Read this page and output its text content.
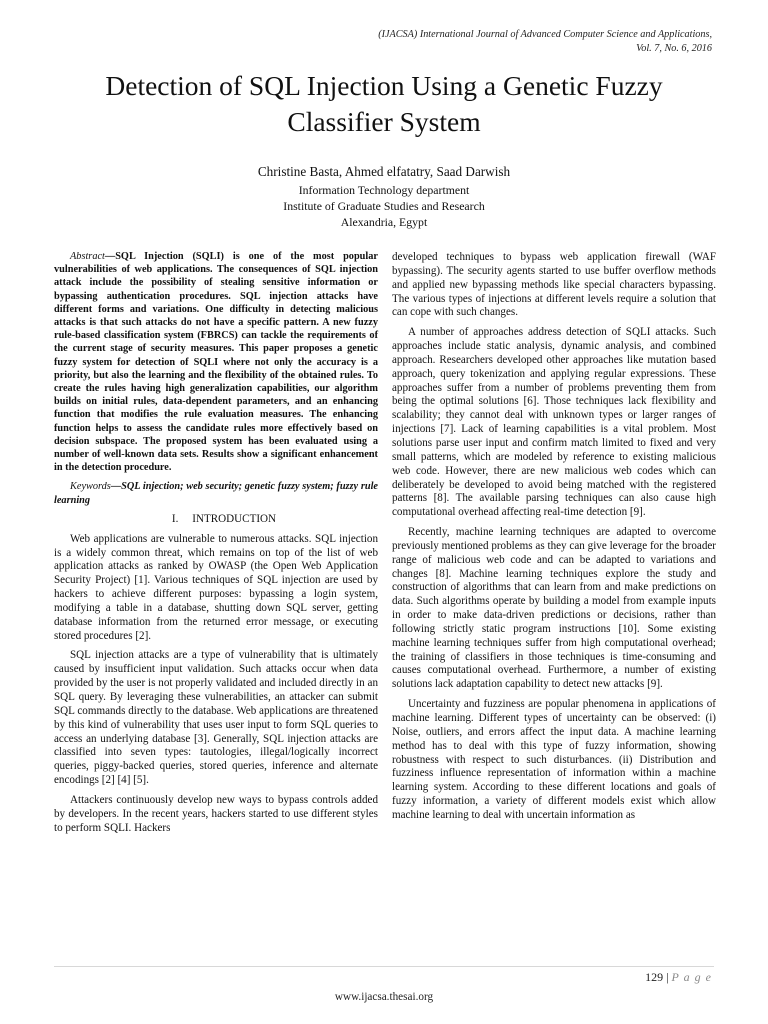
(IJACSA) International Journal of Advanced Computer Science and Applications,
Vol. 7, No. 6, 2016
Detection of SQL Injection Using a Genetic Fuzzy
Classifier System
Christine Basta, Ahmed elfatatry, Saad Darwish
Information Technology department
Institute of Graduate Studies and Research
Alexandria, Egypt

Abstract—SQL Injection (SQLI) is one of the most popular vulnerabilities of web applications. The consequences of SQL injection attack include the possibility of stealing sensitive information or bypassing authentication procedures. SQL injection attacks have different forms and variations. One difficulty in detecting malicious attacks is that such attacks do not have a specific pattern. A new fuzzy rule-based classification system (FBRCS) can tackle the requirements of the current stage of security measures. This paper proposes a genetic fuzzy system for detection of SQLI where not only the accuracy is a priority, but also the learning and the flexibility of the obtained rules. To create the rules having high generalization capabilities, our algorithm builds on initial rules, data-dependent parameters, and an enhancing function that modifies the rule evaluation measures. The enhancing function helps to assess the candidate rules more effectively based on decision subspace. The proposed system has been evaluated using a number of well-known data sets. Results show a significant enhancement in the detection procedure.

Keywords—SQL injection; web security; genetic fuzzy system; fuzzy rule learning

I. INTRODUCTION

Web applications are vulnerable to numerous attacks. SQL injection is a widely common threat, which remains on top of the list of web application attacks as ranked by OWASP (the Open Web Application Security Project) [1]. Various techniques of SQL injection are used by hackers to achieve different purposes: bypassing a login system, modifying a table in a database, shutting down SQL server, getting database information from the returned error message, or executing stored procedures [2].

SQL injection attacks are a type of vulnerability that is ultimately caused by insufficient input validation. Such attacks occur when data provided by the user is not properly validated and included directly in an SQL query. By leveraging these vulnerabilities, an attacker can submit SQL commands directly to the database. Web applications are threatened by this kind of vulnerability that uses user input to form SQL queries to access an underlying database [3]. Generally, SQL injection attacks are classified into seven types: tautologies, illegal/logically incorrect queries, piggy-backed queries, stored queries, inference and alternate encodings [2] [4] [5].

Attackers continuously develop new ways to bypass controls added by developers. In the recent years, hackers started to use different styles to perform SQLI. Hackers

developed techniques to bypass web application firewall (WAF bypassing). The security agents started to use buffer overflow methods and applied new bypassing methods like special characters bypassing. The various types of injections at different levels require a solution that can cope with such changes.

A number of approaches address detection of SQLI attacks. Such approaches include static analysis, dynamic analysis, and combined approach. Researchers developed other approaches like mutation based approach, query tokenization and applying regular expressions. These approaches suffer from a number of problems preventing them from being the optimal solutions [6]. Those techniques lack flexibility and scalability; they cannot deal with unknown types or larger ranges of injections [7]. Lack of learning capabilities is a vital problem. Most solutions parse user input and confirm match limited to fixed and very small patterns, which are modeled by reference to existing malicious web code. However, there are new malicious web codes which can deliberately be developed to avoid being matched with the registered patterns [8]. The available parsing techniques can also cause high computational overhead affecting real-time detection [9].

Recently, machine learning techniques are adapted to overcome previously mentioned problems as they can give leverage for the broader range of malicious web code and can be adapted to variations and changes [8]. Machine learning techniques explore the study and construction of algorithms that can learn from and make predictions on data. Such algorithms operate by building a model from example inputs in order to make data-driven predictions or decisions, rather than following strictly static program instructions [10]. Some existing machine learning techniques suffer from high computational overhead; the training of classifiers in those techniques is time-consuming and causes computational overhead. Furthermore, a number of existing solutions lack adaptation capability to detect new attacks [9].

Uncertainty and fuzziness are popular phenomena in applications of machine learning. Different types of uncertainty can be observed: (i) Noise, outliers, and errors affect the input data. A machine learning method has to deal with this type of fuzzy information, showing robustness with respect to such disturbances. (ii) Distribution and fuzziness influence representation of information within a machine learning system. According to these different locations and goals of fuzzy information, a variety of different models exist which allow machine learning to deal with uncertain information as

129 | P a g e
www.ijacsa.thesai.org
